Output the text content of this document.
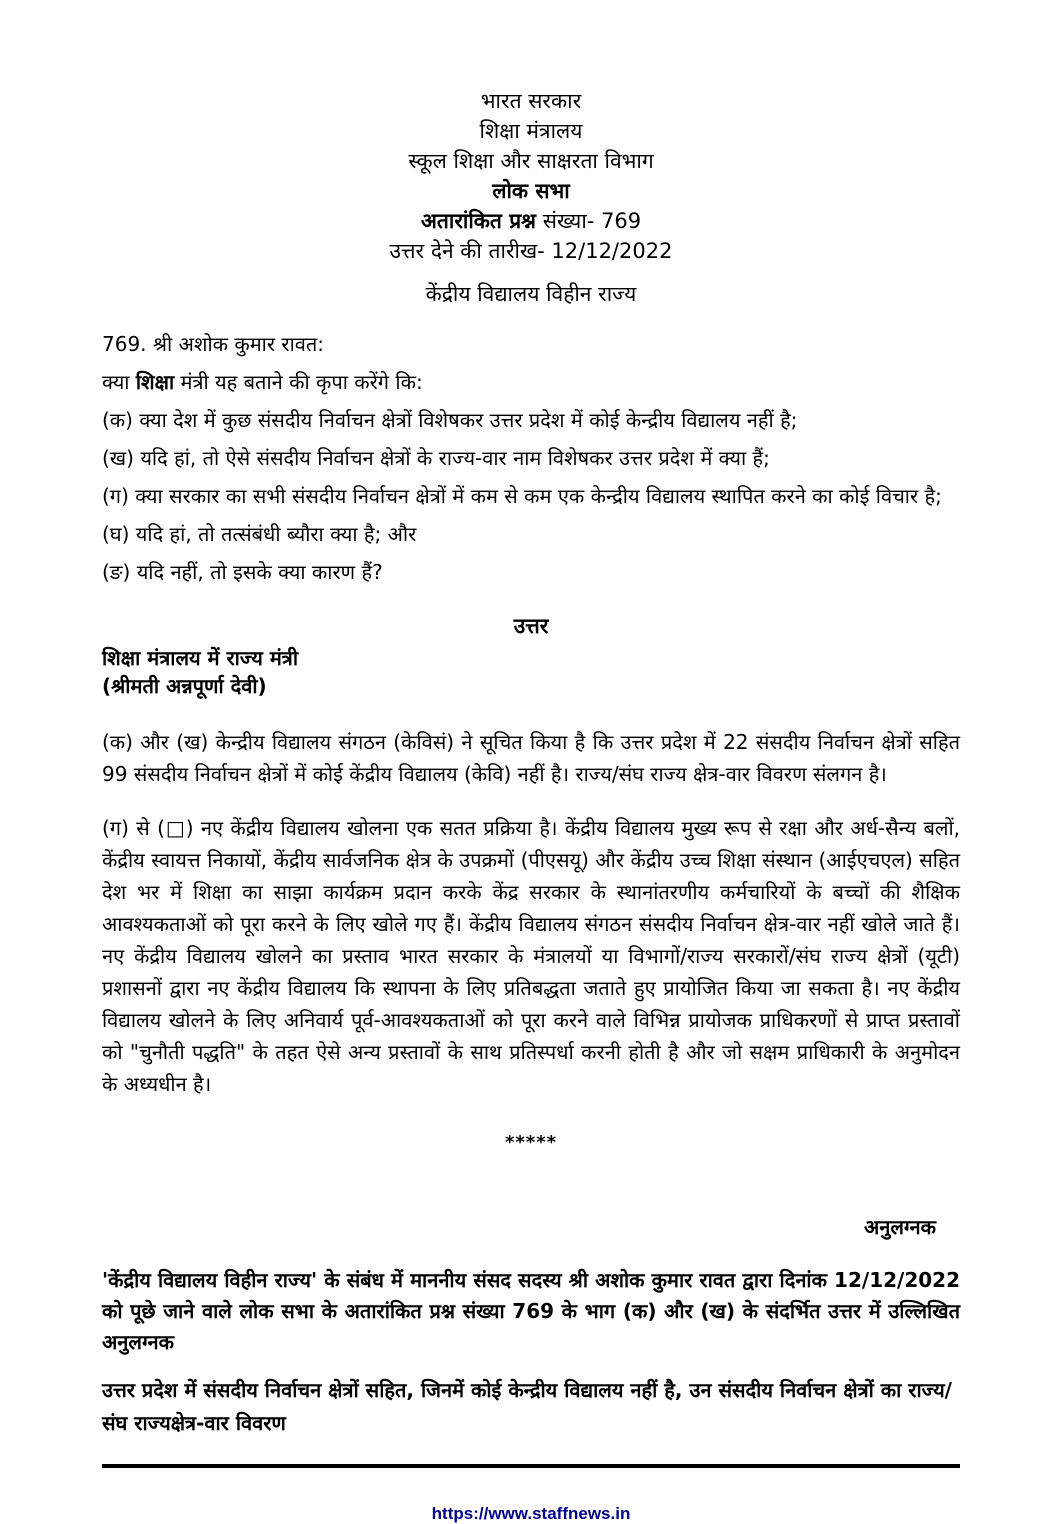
भारत सरकार
शिक्षा मंत्रालय
स्कूल शिक्षा और साक्षरता विभाग
लोक सभा
अतारांकित प्रश्न संख्या- 769
उत्तर देने की तारीख- 12/12/2022
केंद्रीय विद्यालय विहीन राज्य

769. श्री अशोक कुमार रावत:

क्या शिक्षा मंत्री यह बताने की कृपा करेंगे कि:

(क) क्या देश में कुछ संसदीय निर्वाचन क्षेत्रों विशेषकर उत्तर प्रदेश में कोई केन्द्रीय विद्यालय नहीं है;

(ख) यदि हां, तो ऐसे संसदीय निर्वाचन क्षेत्रों के राज्य-वार नाम विशेषकर उत्तर प्रदेश में क्या हैं;

(ग) क्या सरकार का सभी संसदीय निर्वाचन क्षेत्रों में कम से कम एक केन्द्रीय विद्यालय स्थापित करने का कोई विचार है;

(घ) यदि हां, तो तत्संबंधी ब्यौरा क्या है; और

(ङ) यदि नहीं, तो इसके क्या कारण हैं?

उत्तर
शिक्षा मंत्रालय में राज्य मंत्री
(श्रीमती अन्नपूर्णा देवी)

(क) और (ख) केन्द्रीय विद्यालय संगठन (केविसं) ने सूचित किया है कि उत्तर प्रदेश में 22 संसदीय निर्वाचन क्षेत्रों सहित 99 संसदीय निर्वाचन क्षेत्रों में कोई केंद्रीय विद्यालय (केवि) नहीं है। राज्य/संघ राज्य क्षेत्र-वार विवरण संलगन है।

(ग) से (□) नए केंद्रीय विद्यालय खोलना एक सतत प्रक्रिया है। केंद्रीय विद्यालय मुख्य रूप से रक्षा और अर्ध-सैन्य बलों, केंद्रीय स्वायत्त निकायों, केंद्रीय सार्वजनिक क्षेत्र के उपक्रमों (पीएसयू) और केंद्रीय उच्च शिक्षा संस्थान (आईएचएल) सहित देश भर में शिक्षा का साझा कार्यक्रम प्रदान करके केंद्र सरकार के स्थानांतरणीय कर्मचारियों के बच्चों की शैक्षिक आवश्यकताओं को पूरा करने के लिए खोले गए हैं। केंद्रीय विद्यालय संगठन संसदीय निर्वाचन क्षेत्र-वार नहीं खोले जाते हैं। नए केंद्रीय विद्यालय खोलने का प्रस्ताव भारत सरकार के मंत्रालयों या विभागों/राज्य सरकारों/संघ राज्य क्षेत्रों (यूटी) प्रशासनों द्वारा नए केंद्रीय विद्यालय कि स्थापना के लिए प्रतिबद्धता जताते हुए प्रायोजित किया जा सकता है। नए केंद्रीय विद्यालय खोलने के लिए अनिवार्य पूर्व-आवश्यकताओं को पूरा करने वाले विभिन्न प्रायोजक प्राधिकरणों से प्राप्त प्रस्तावों को "चुनौती पद्धति" के तहत ऐसे अन्य प्रस्तावों के साथ प्रतिस्पर्धा करनी होती है और जो सक्षम प्राधिकारी के अनुमोदन के अध्यधीन है।

*****
अनुलग्नक

'केंद्रीय विद्यालय विहीन राज्य' के संबंध में माननीय संसद सदस्य श्री अशोक कुमार रावत द्वारा दिनांक 12/12/2022 को पूछे जाने वाले लोक सभा के अतारांकित प्रश्न संख्या 769 के भाग (क) और (ख) के संदर्भित उत्तर में उल्लिखित अनुलग्नक

उत्तर प्रदेश में संसदीय निर्वाचन क्षेत्रों सहित, जिनमें कोई केन्द्रीय विद्यालय नहीं है, उन संसदीय निर्वाचन क्षेत्रों का राज्य/संघ राज्यक्षेत्र-वार विवरण

https://www.staffnews.in
